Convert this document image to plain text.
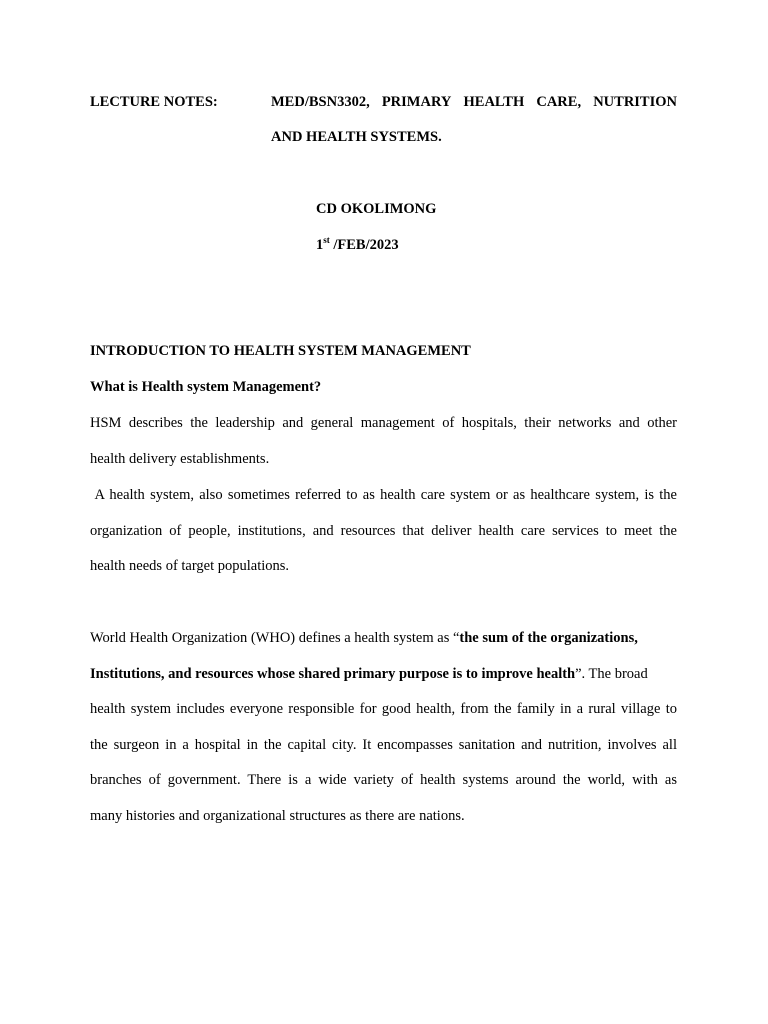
LECTURE NOTES:	MED/BSN3302, PRIMARY HEALTH CARE, NUTRITION
AND HEALTH SYSTEMS.
CD OKOLIMONG
1st /FEB/2023
INTRODUCTION TO HEALTH SYSTEM MANAGEMENT
What is Health system Management?
HSM describes the leadership and general management of hospitals, their networks and other
health delivery establishments.

A health system, also sometimes referred to as health care system or as healthcare system, is the

organization of people, institutions, and resources that deliver health care services to meet the

health needs of target populations.

World Health Organization (WHO) defines a health system as “the sum of the organizations,
Institutions, and resources whose shared primary purpose is to improve health”. The broad
health system includes everyone responsible for good health, from the family in a rural village to
the surgeon in a hospital in the capital city. It encompasses sanitation and nutrition, involves all
branches of government. There is a wide variety of health systems around the world, with as
many histories and organizational structures as there are nations.
